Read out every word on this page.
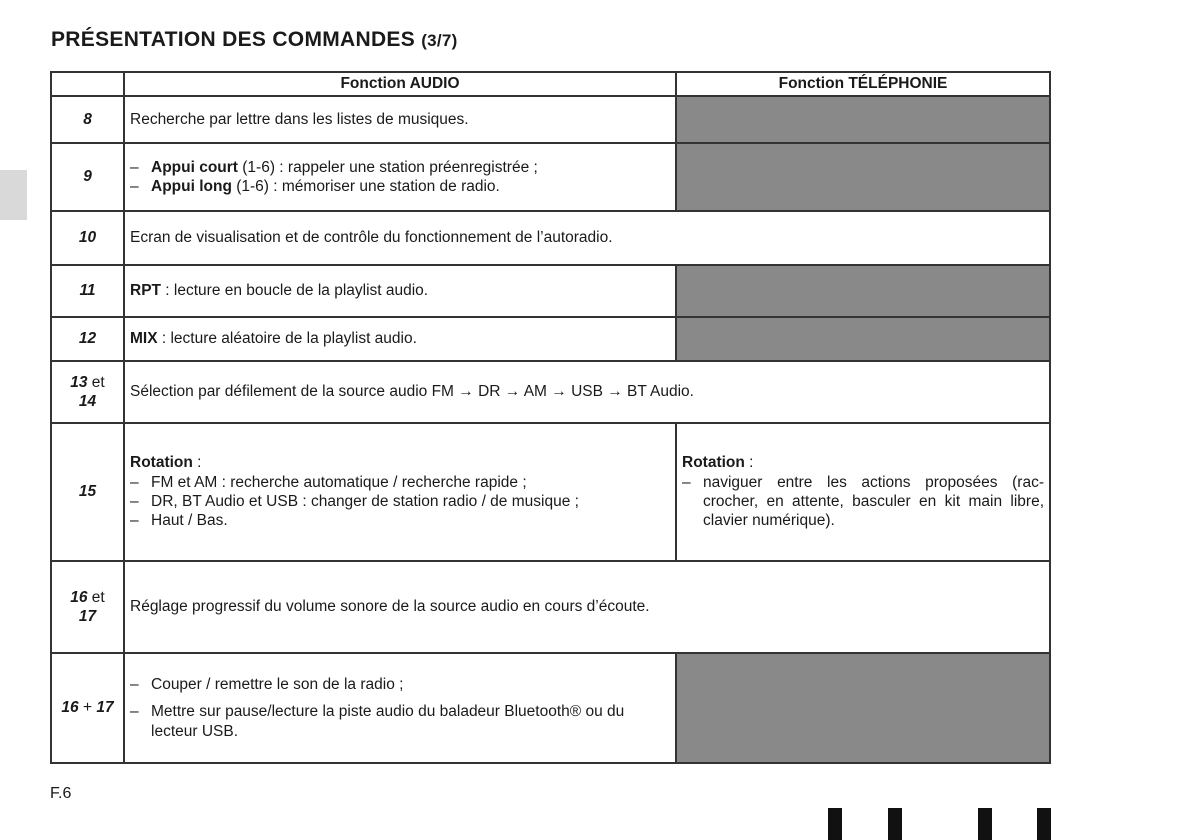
PRÉSENTATION DES COMMANDES (3/7)
	Fonction AUDIO	Fonction TÉLÉPHONIE
8	Recherche par lettre dans les listes de musiques.	
9	– Appui court (1-6) : rappeler une station préenregistrée ;
– Appui long (1-6) : mémoriser une station de radio.	

10	Ecran de visualisation et de contrôle du fonctionnement de l’autoradio.	
11	RPT : lecture en boucle de la playlist audio.	
12	MIX : lecture aléatoire de la playlist audio.	
13 et
14	Sélection par défilement de la source audio FM → DR → AM → USB → BT Audio.	
15	Rotation :
– FM et AM : recherche automatique / recherche rapide ;
– DR, BT Audio et USB : changer de station radio / de musique ;
– Haut / Bas.	Rotation :
– naviguer entre les actions proposées (rac-crocher, en attente, basculer en kit main libre, clavier numérique).

16 et
17	Réglage progressif du volume sonore de la source audio en cours d’écoute.	
16 + 17	– Couper / remettre le son de la radio ;
– Mettre sur pause/lecture la piste audio du baladeur Bluetooth® ou du lecteur USB.	

F.6
